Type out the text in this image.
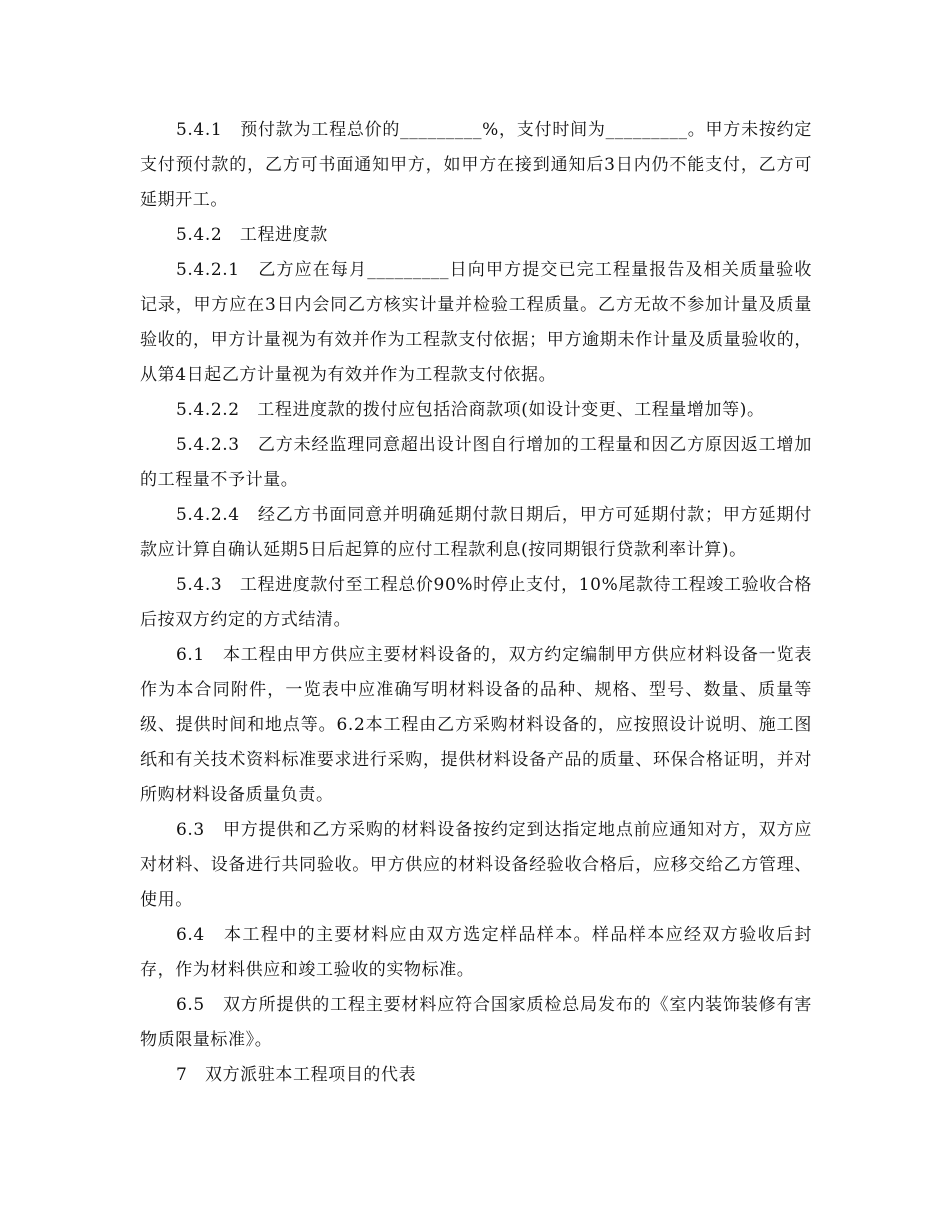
5.4.1　预付款为工程总价的_________%，支付时间为_________。甲方未按约定支付预付款的，乙方可书面通知甲方，如甲方在接到通知后3日内仍不能支付，乙方可延期开工。

5.4.2　工程进度款

5.4.2.1　乙方应在每月_________日向甲方提交已完工程量报告及相关质量验收记录，甲方应在3日内会同乙方核实计量并检验工程质量。乙方无故不参加计量及质量验收的，甲方计量视为有效并作为工程款支付依据；甲方逾期未作计量及质量验收的，从第4日起乙方计量视为有效并作为工程款支付依据。

5.4.2.2　工程进度款的拨付应包括洽商款项(如设计变更、工程量增加等)。

5.4.2.3　乙方未经监理同意超出设计图自行增加的工程量和因乙方原因返工增加的工程量不予计量。

5.4.2.4　经乙方书面同意并明确延期付款日期后，甲方可延期付款；甲方延期付款应计算自确认延期5日后起算的应付工程款利息(按同期银行贷款利率计算)。

5.4.3　工程进度款付至工程总价90%时停止支付，10%尾款待工程竣工验收合格后按双方约定的方式结清。

6.1　本工程由甲方供应主要材料设备的，双方约定编制甲方供应材料设备一览表作为本合同附件，一览表中应准确写明材料设备的品种、规格、型号、数量、质量等级、提供时间和地点等。6.2本工程由乙方采购材料设备的，应按照设计说明、施工图纸和有关技术资料标准要求进行采购，提供材料设备产品的质量、环保合格证明，并对所购材料设备质量负责。

6.3　甲方提供和乙方采购的材料设备按约定到达指定地点前应通知对方，双方应对材料、设备进行共同验收。甲方供应的材料设备经验收合格后，应移交给乙方管理、使用。

6.4　本工程中的主要材料应由双方选定样品样本。样品样本应经双方验收后封存，作为材料供应和竣工验收的实物标准。

6.5　双方所提供的工程主要材料应符合国家质检总局发布的《室内装饰装修有害物质限量标准》。

7　双方派驻本工程项目的代表
